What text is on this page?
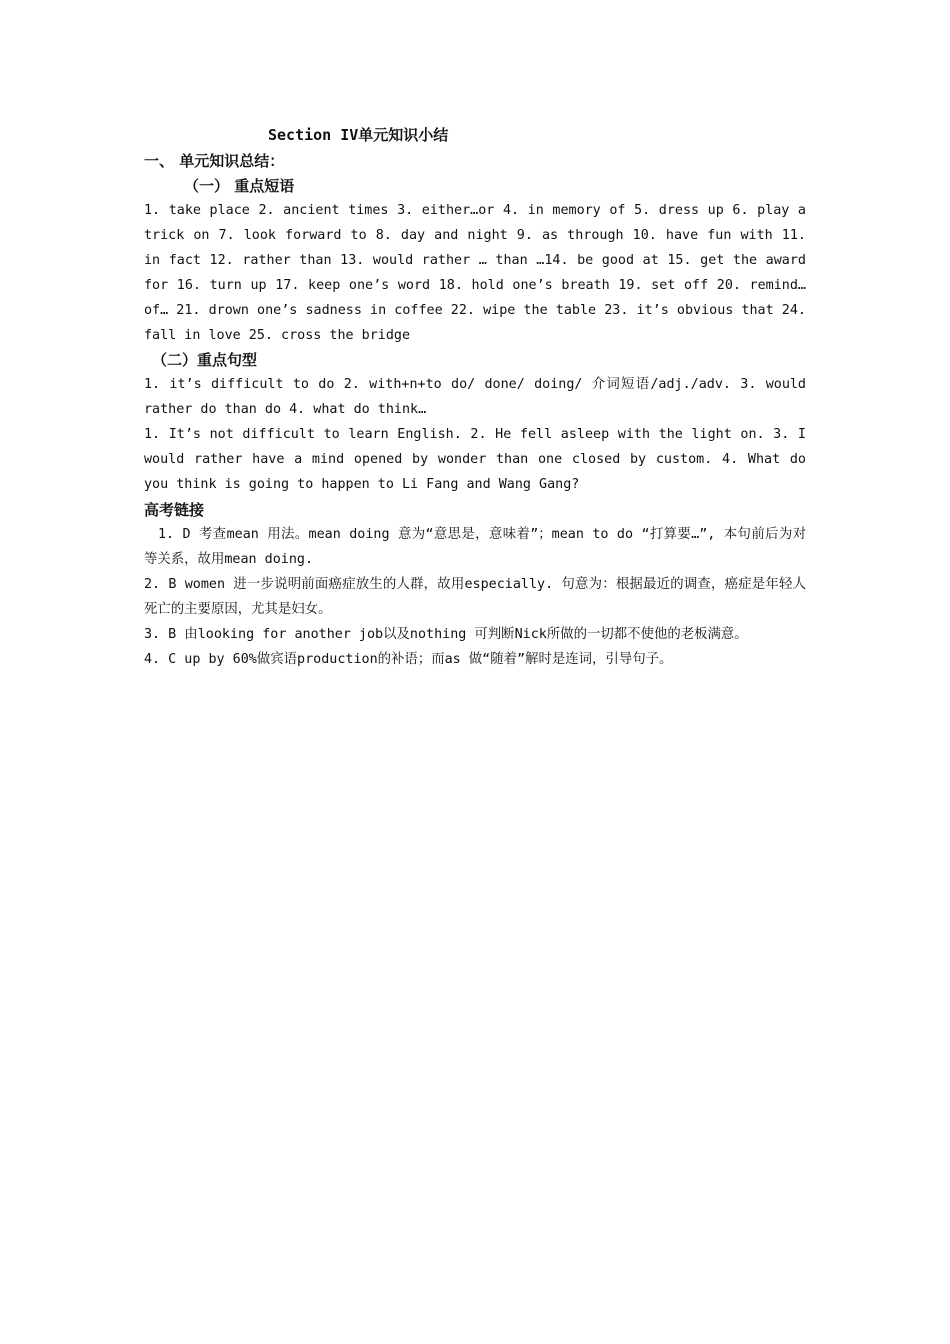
Section IV单元知识小结
一、 单元知识总结：
（一） 重点短语

1. take place 2. ancient times 3. either…or 4. in memory of 5. dress up 6. play a trick on 7. look forward to 8. day and night 9. as through 10. have fun with 11. in fact 12. rather than 13. would rather … than …14. be good at 15. get the award for 16. turn up 17. keep one’s word 18. hold one’s breath 19. set off 20. remind…of… 21. drown one’s sadness in coffee 22. wipe the table 23. it’s obvious that 24. fall in love 25. cross the bridge

（二）重点句型

1. it’s difficult to do 2. with+n+to do/ done/ doing/ 介词短语/adj./adv. 3. would rather do than do 4. what do think…

1. It’s not difficult to learn English. 2. He fell asleep with the light on. 3. I would rather have a mind opened by wonder than one closed by custom. 4. What do you think is going to happen to Li Fang and Wang Gang?

高考链接

1. D 考查mean 用法。mean doing 意为“意思是，意味着”；mean to do “打算要…”, 本句前后为对等关系，故用mean doing.

2. B women 进一步说明前面癌症放生的人群，故用especially. 句意为：根据最近的调查，癌症是年轻人死亡的主要原因，尤其是妇女。

3. B 由looking for another job以及nothing 可判断Nick所做的一切都不使他的老板满意。

4. C up by 60%做宾语production的补语；而as 做“随着”解时是连词，引导句子。
